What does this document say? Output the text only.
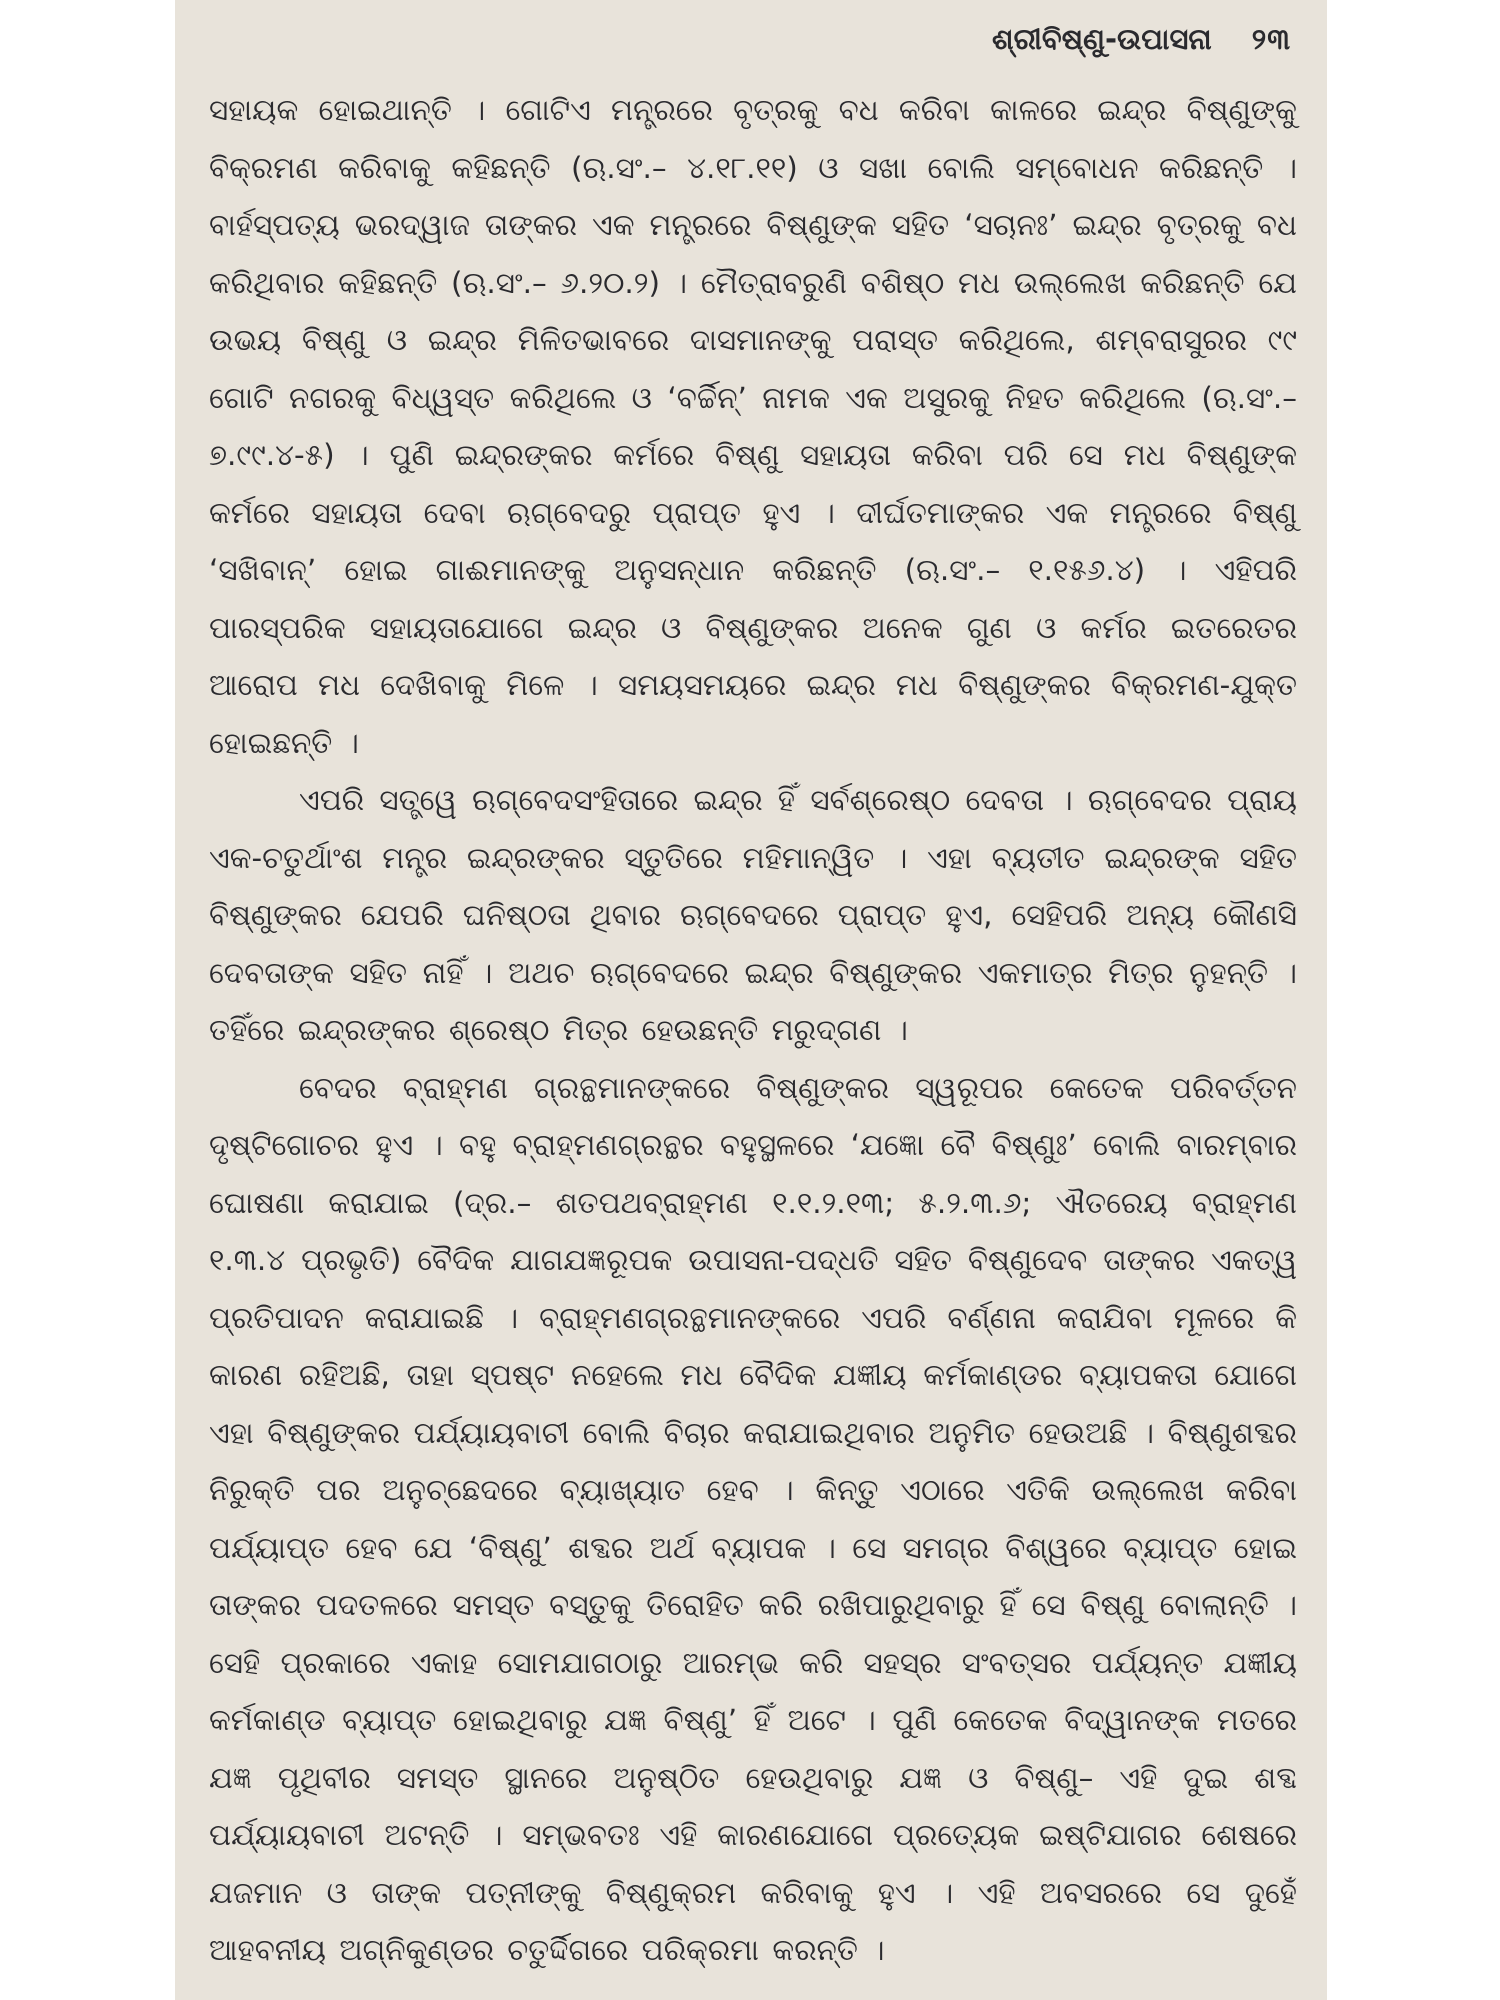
ଶ୍ରୀବିଷ୍ଣୁ-ଉପାସନା ୨୩

ସହାୟକ ହୋଇଥାନ୍ତି । ଗୋଟିଏ ମନ୍ତ୍ରରେ ବୃତ୍ରକୁ ବଧ କରିବା କାଳରେ ଇନ୍ଦ୍ର ବିଷ୍ଣୁଙ୍କୁ ବିକ୍ରମଣ କରିବାକୁ କହିଛନ୍ତି (ଋ.ସଂ.– ୪.୧୮.୧୧) ଓ ସଖା ବୋଲି ସମ୍ବୋଧନ କରିଛନ୍ତି । ବାର୍ହସ୍ପତ୍ୟ ଭରଦ୍ୱାଜ ତାଙ୍କର ଏକ ମନ୍ତ୍ରରେ ବିଷ୍ଣୁଙ୍କ ସହିତ ‘ସଚାନଃ’ ଇନ୍ଦ୍ର ବୃତ୍ରକୁ ବଧ କରିଥିବାର କହିଛନ୍ତି (ଋ.ସଂ.– ୬.୨୦.୨) । ମୈତ୍ରାବରୁଣି ବଶିଷ୍ଠ ମଧ ଉଲ୍ଲେଖ କରିଛନ୍ତି ଯେ ଉଭୟ ବିଷ୍ଣୁ ଓ ଇନ୍ଦ୍ର ମିଳିତଭାବରେ ଦାସମାନଙ୍କୁ ପରାସ୍ତ କରିଥିଲେ, ଶମ୍ବରାସୁରର ୯୯ ଗୋଟି ନଗରକୁ ବିଧ୍ୱସ୍ତ କରିଥିଲେ ଓ ‘ବର୍ଚ୍ଚିନ୍’ ନାମକ ଏକ ଅସୁରକୁ ନିହତ କରିଥିଲେ (ଋ.ସଂ.– ୭.୯୯.୪-୫) । ପୁଣି ଇନ୍ଦ୍ରଙ୍କର କର୍ମରେ ବିଷ୍ଣୁ ସହାୟତା କରିବା ପରି ସେ ମଧ ବିଷ୍ଣୁଙ୍କ କର୍ମରେ ସହାୟତା ଦେବା ଋଗ୍‌ବେଦରୁ ପ୍ରାପ୍ତ ହୁଏ । ଦୀର୍ଘତମାଙ୍କର ଏକ ମନ୍ତ୍ରରେ ବିଷ୍ଣୁ ‘ସଖିବାନ୍’ ହୋଇ ଗାଈମାନଙ୍କୁ ଅନୁସନ୍ଧାନ କରିଛନ୍ତି (ଋ.ସଂ.– ୧.୧୫୬.୪) । ଏହିପରି ପାରସ୍ପରିକ ସହାୟତାଯୋଗେ ଇନ୍ଦ୍ର ଓ ବିଷ୍ଣୁଙ୍କର ଅନେକ ଗୁଣ ଓ କର୍ମର ଇତରେତର ଆରୋପ ମଧ ଦେଖିବାକୁ ମିଳେ । ସମୟସମୟରେ ଇନ୍ଦ୍ର ମଧ ବିଷ୍ଣୁଙ୍କର ବିକ୍ରମଣ-ଯୁକ୍ତ ହୋଇଛନ୍ତି ।

ଏପରି ସତ୍ତ୍ୱେ ଋଗ୍‌ବେଦସଂହିତାରେ ଇନ୍ଦ୍ର ହିଁ ସର୍ବଶ୍ରେଷ୍ଠ ଦେବତା । ଋଗ୍‌ବେଦର ପ୍ରାୟ ଏକ-ଚତୁର୍ଥାଂଶ ମନ୍ତ୍ର ଇନ୍ଦ୍ରଙ୍କର ସ୍ତୁତିରେ ମହିମାନ୍ୱିତ । ଏହା ବ୍ୟତୀତ ଇନ୍ଦ୍ରଙ୍କ ସହିତ ବିଷ୍ଣୁଙ୍କର ଯେପରି ଘନିଷ୍ଠତା ଥିବାର ଋଗ୍‌ବେଦରେ ପ୍ରାପ୍ତ ହୁଏ, ସେହିପରି ଅନ୍ୟ କୌଣସି ଦେବତାଙ୍କ ସହିତ ନାହିଁ । ଅଥଚ ଋଗ୍‌ବେଦରେ ଇନ୍ଦ୍ର ବିଷ୍ଣୁଙ୍କର ଏକମାତ୍ର ମିତ୍ର ନୁହନ୍ତି । ତହିଁରେ ଇନ୍ଦ୍ରଙ୍କର ଶ୍ରେଷ୍ଠ ମିତ୍ର ହେଉଛନ୍ତି ମରୁଦ୍‌ଗଣ ।

ବେଦର ବ୍ରାହ୍ମଣ ଗ୍ରନ୍ଥମାନଙ୍କରେ ବିଷ୍ଣୁଙ୍କର ସ୍ୱରୂପର କେତେକ ପରିବର୍ତ୍ତନ ଦୃଷ୍ଟିଗୋଚର ହୁଏ । ବହୁ ବ୍ରାହ୍ମଣଗ୍ରନ୍ଥର ବହୁସ୍ଥଳରେ ‘ଯଜ୍ଞୋ ବୈ ବିଷ୍ଣୁଃ’ ବୋଲି ବାରମ୍ବାର ଘୋଷଣା କରାଯାଇ (ଦ୍ର.– ଶତପଥବ୍ରାହ୍ମଣ ୧.୧.୨.୧୩; ୫.୨.୩.୬; ଐତରେୟ ବ୍ରାହ୍ମଣ ୧.୩.୪ ପ୍ରଭୃତି) ବୈଦିକ ଯାଗଯଜ୍ଞରୂପକ ଉପାସନା-ପଦ୍ଧତି ସହିତ ବିଷ୍ଣୁଦେବ ତାଙ୍କର ଏକତ୍ୱ ପ୍ରତିପାଦନ କରାଯାଇଛି । ବ୍ରାହ୍ମଣଗ୍ରନ୍ଥମାନଙ୍କରେ ଏପରି ବର୍ଣ୍ଣନା କରାଯିବା ମୂଳରେ କି କାରଣ ରହିଅଛି, ତାହା ସ୍ପଷ୍ଟ ନହେଲେ ମଧ ବୈଦିକ ଯଜ୍ଞୀୟ କର୍ମକାଣ୍ଡର ବ୍ୟାପକତା ଯୋଗେ ଏହା ବିଷ୍ଣୁଙ୍କର ପର୍ଯ୍ୟାୟବାଚୀ ବୋଲି ବିଚାର କରାଯାଇଥିବାର ଅନୁମିତ ହେଉଅଛି । ବିଷ୍ଣୁଶବ୍ଦର ନିରୁକ୍ତି ପର ଅନୁଚ୍ଛେଦରେ ବ୍ୟାଖ୍ୟାତ ହେବ । କିନ୍ତୁ ଏଠାରେ ଏତିକି ଉଲ୍ଲେଖ କରିବା ପର୍ଯ୍ୟାପ୍ତ ହେବ ଯେ ‘ବିଷ୍ଣୁ’ ଶବ୍ଦର ଅର୍ଥ ବ୍ୟାପକ । ସେ ସମଗ୍ର ବିଶ୍ୱରେ ବ୍ୟାପ୍ତ ହୋଇ ତାଙ୍କର ପଦତଳରେ ସମସ୍ତ ବସ୍ତୁକୁ ତିରୋହିତ କରି ରଖିପାରୁଥିବାରୁ ହିଁ ସେ ବିଷ୍ଣୁ ବୋଲାନ୍ତି । ସେହି ପ୍ରକାରେ ଏକାହ ସୋମଯାଗଠାରୁ ଆରମ୍ଭ କରି ସହସ୍ର ସଂବତ୍ସର ପର୍ଯ୍ୟନ୍ତ ଯଜ୍ଞୀୟ କର୍ମକାଣ୍ଡ ବ୍ୟାପ୍ତ ହୋଇଥିବାରୁ ଯଜ୍ଞ ବିଷ୍ଣୁ’ ହିଁ ଅଟେ । ପୁଣି କେତେକ ବିଦ୍ୱାନଙ୍କ ମତରେ ଯଜ୍ଞ ପୃଥିବୀର ସମସ୍ତ ସ୍ଥାନରେ ଅନୁଷ୍ଠିତ ହେଉଥିବାରୁ ଯଜ୍ଞ ଓ ବିଷ୍ଣୁ– ଏହି ଦୁଇ ଶବ୍ଦ ପର୍ଯ୍ୟାୟବାଚୀ ଅଟନ୍ତି । ସମ୍ଭବତଃ ଏହି କାରଣଯୋଗେ ପ୍ରତ୍ୟେକ ଇଷ୍ଟିଯାଗର ଶେଷରେ ଯଜମାନ ଓ ତାଙ୍କ ପତ୍ନୀଙ୍କୁ ବିଷ୍ଣୁକ୍ରମ କରିବାକୁ ହୁଏ । ଏହି ଅବସରରେ ସେ ଦୁହେଁ ଆହବନୀୟ ଅଗ୍ନିକୁଣ୍ଡର ଚତୁର୍ଦ୍ଦିଗରେ ପରିକ୍ରମା କରନ୍ତି ।
